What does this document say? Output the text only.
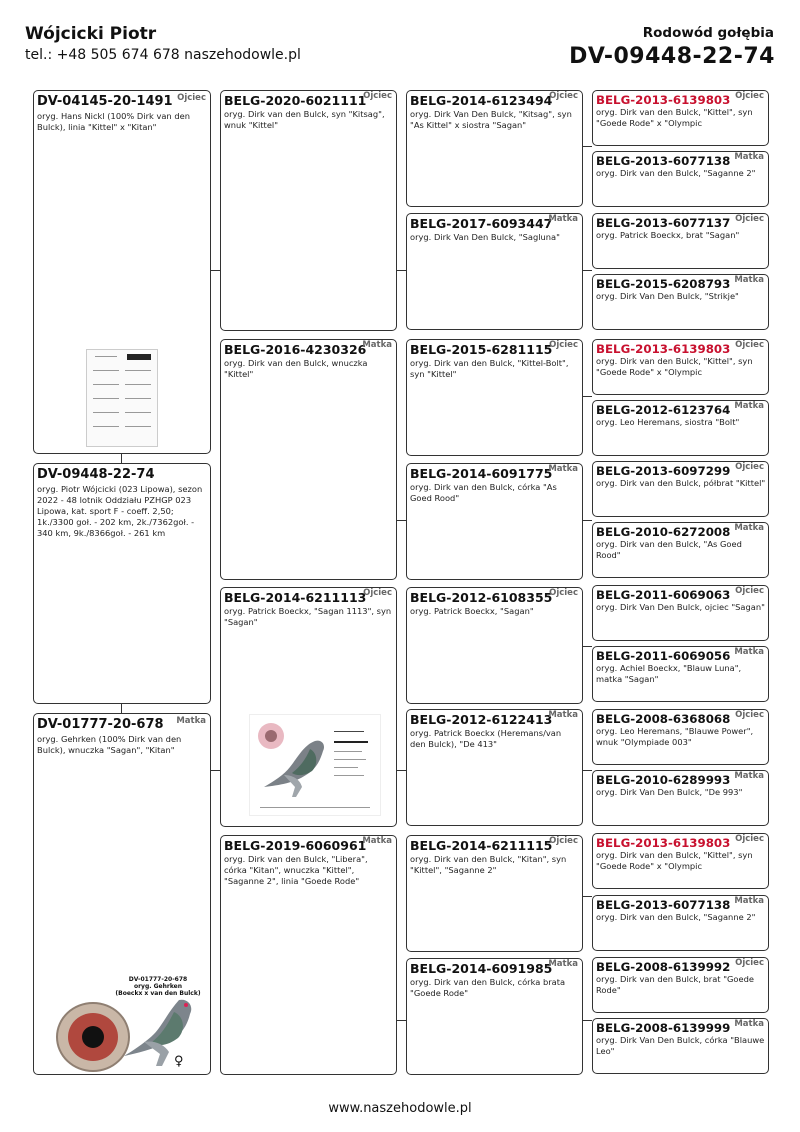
Wójcicki Piotr
tel.: +48 505 674 678 naszehodowle.pl
Rodowód gołębia
DV-09448-22-74
DV-04145-20-1491 Ojciec
oryg. Hans Nickl (100% Dirk van den Bulck), linia "Kittel" x "Kitan"
DV-09448-22-74
oryg. Piotr Wójcicki (023 Lipowa), sezon 2022 - 48 lotnik Oddziału PZHGP 023 Lipowa, kat. sport F - coeff. 2,50; 1k./3300 goł. - 202 km, 2k./7362goł. - 340 km, 9k./8366goł. - 261 km
DV-01777-20-678 Matka
oryg. Gehrken (100% Dirk van den Bulck), wnuczka "Sagan", "Kitan"
DV-01777-20-678
oryg. Gehrken
(Boeckx x van den Bulck)
♀
BELG-2020-6021111
Ojciec
oryg. Dirk van den Bulck, syn "Kitsag", wnuk "Kittel"
BELG-2016-4230326
Matka
oryg. Dirk van den Bulck, wnuczka "Kittel"
BELG-2014-6211113
Ojciec
oryg. Patrick Boeckx, "Sagan 1113", syn "Sagan"
BELG-2019-6060961
Matka
oryg. Dirk van den Bulck, "Libera", córka "Kitan", wnuczka "Kittel", "Saganne 2", linia "Goede Rode"
BELG-2014-6123494
Ojciec
oryg. Dirk Van Den Bulck, "Kitsag", syn "As Kittel" x siostra "Sagan"
BELG-2017-6093447
Matka
oryg. Dirk Van Den Bulck, "Sagluna"
BELG-2015-6281115
Ojciec
oryg. Dirk van den Bulck, "Kittel-Bolt", syn "Kittel"
BELG-2014-6091775
Matka
oryg. Dirk van den Bulck, córka "As Goed Rood"
BELG-2012-6108355
Ojciec
oryg. Patrick Boeckx, "Sagan"
BELG-2012-6122413
Matka
oryg. Patrick Boeckx (Heremans/van den Bulck), "De 413"
BELG-2014-6211115
Ojciec
oryg. Dirk van den Bulck, "Kitan", syn "Kittel", "Saganne 2"
BELG-2014-6091985
Matka
oryg. Dirk van den Bulck, córka brata "Goede Rode"
BELG-2013-6139803 Ojciec
oryg. Dirk van den Bulck, "Kittel", syn "Goede Rode" x "Olympic
BELG-2013-6077138 Matka
oryg. Dirk van den Bulck, "Saganne 2"
BELG-2013-6077137 Ojciec
oryg. Patrick Boeckx, brat "Sagan"
BELG-2015-6208793 Matka
oryg. Dirk Van Den Bulck, "Strikje"
BELG-2013-6139803 Ojciec
oryg. Dirk van den Bulck, "Kittel", syn "Goede Rode" x "Olympic
BELG-2012-6123764 Matka
oryg. Leo Heremans, siostra "Bolt"
BELG-2013-6097299 Ojciec
oryg. Dirk van den Bulck, półbrat "Kittel"
BELG-2010-6272008 Matka
oryg. Dirk van den Bulck, "As Goed Rood"
BELG-2011-6069063 Ojciec
oryg. Dirk Van Den Bulck, ojciec "Sagan"
BELG-2011-6069056 Matka
oryg. Achiel Boeckx, "Blauw Luna", matka "Sagan"
BELG-2008-6368068 Ojciec
oryg. Leo Heremans, "Blauwe Power", wnuk "Olympiade 003"
BELG-2010-6289993 Matka
oryg. Dirk Van Den Bulck, "De 993"
BELG-2013-6139803 Ojciec
oryg. Dirk van den Bulck, "Kittel", syn "Goede Rode" x "Olympic
BELG-2013-6077138 Matka
oryg. Dirk van den Bulck, "Saganne 2"
BELG-2008-6139992 Ojciec
oryg. Dirk van den Bulck, brat "Goede Rode"
BELG-2008-6139999 Matka
oryg. Dirk Van Den Bulck, córka "Blauwe Leo"
www.naszehodowle.pl
